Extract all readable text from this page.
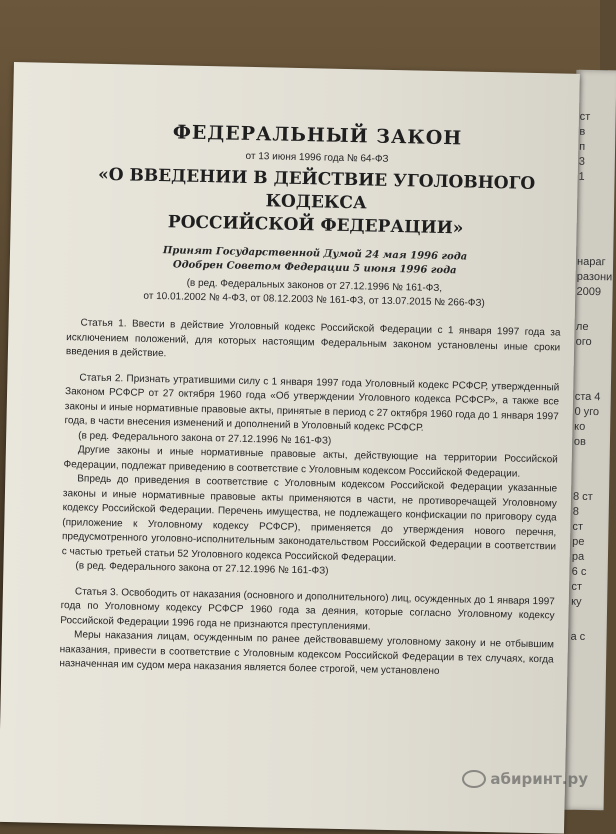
ст

в

п

3

1

нараг

разони

2009

ле

ого

ста 4

0 уго

ко

ов

8 ст

8

ст

ре

ра

6 с

ст

ку

а с

ФЕДЕРАЛЬНЫЙ ЗАКОН

от 13 июня 1996 года № 64-ФЗ

«О ВВЕДЕНИИ В ДЕЙСТВИЕ УГОЛОВНОГО КОДЕКСА
РОССИЙСКОЙ ФЕДЕРАЦИИ»

Принят Государственной Думой 24 мая 1996 года

Одобрен Советом Федерации 5 июня 1996 года

(в ред. Федеральных законов от 27.12.1996 № 161-ФЗ,
от 10.01.2002 № 4-ФЗ, от 08.12.2003 № 161-ФЗ, от 13.07.2015 № 266-ФЗ)

Статья 1. Ввести в действие Уголовный кодекс Российской Федерации с 1 января 1997 года за исключением положений, для которых настоящим Федеральным законом установлены иные сроки введения в действие.

Статья 2. Признать утратившими силу с 1 января 1997 года Уголовный кодекс РСФСР, утвержденный Законом РСФСР от 27 октября 1960 года «Об утверждении Уголовного кодекса РСФСР», а также все законы и иные нормативные правовые акты, принятые в период с 27 октября 1960 года до 1 января 1997 года, в части внесения изменений и дополнений в Уголовный кодекс РСФСР.

(в ред. Федерального закона от 27.12.1996 № 161-ФЗ)

Другие законы и иные нормативные правовые акты, действующие на территории Российской Федерации, подлежат приведению в соответствие с Уголовным кодексом Российской Федерации.

Впредь до приведения в соответствие с Уголовным кодексом Российской Федерации указанные законы и иные нормативные правовые акты применяются в части, не противоречащей Уголовному кодексу Российской Федерации. Перечень имущества, не подлежащего конфискации по приговору суда (приложение к Уголовному кодексу РСФСР), применяется до утверждения нового перечня, предусмотренного уголовно-исполнительным законодательством Российской Федерации в соответствии с частью третьей статьи 52 Уголовного кодекса Российской Федерации.

(в ред. Федерального закона от 27.12.1996 № 161-ФЗ)

Статья 3. Освободить от наказания (основного и дополнительного) лиц, осужденных до 1 января 1997 года по Уголовному кодексу РСФСР 1960 года за деяния, которые согласно Уголовному кодексу Российской Федерации 1996 года не признаются преступлениями.

Меры наказания лицам, осужденным по ранее действовавшему уголовному закону и не отбывшим наказания, привести в соответствие с Уголовным кодексом Российской Федерации в тех случаях, когда назначенная им судом мера наказания является более строгой, чем установлено

абиринт.ру
